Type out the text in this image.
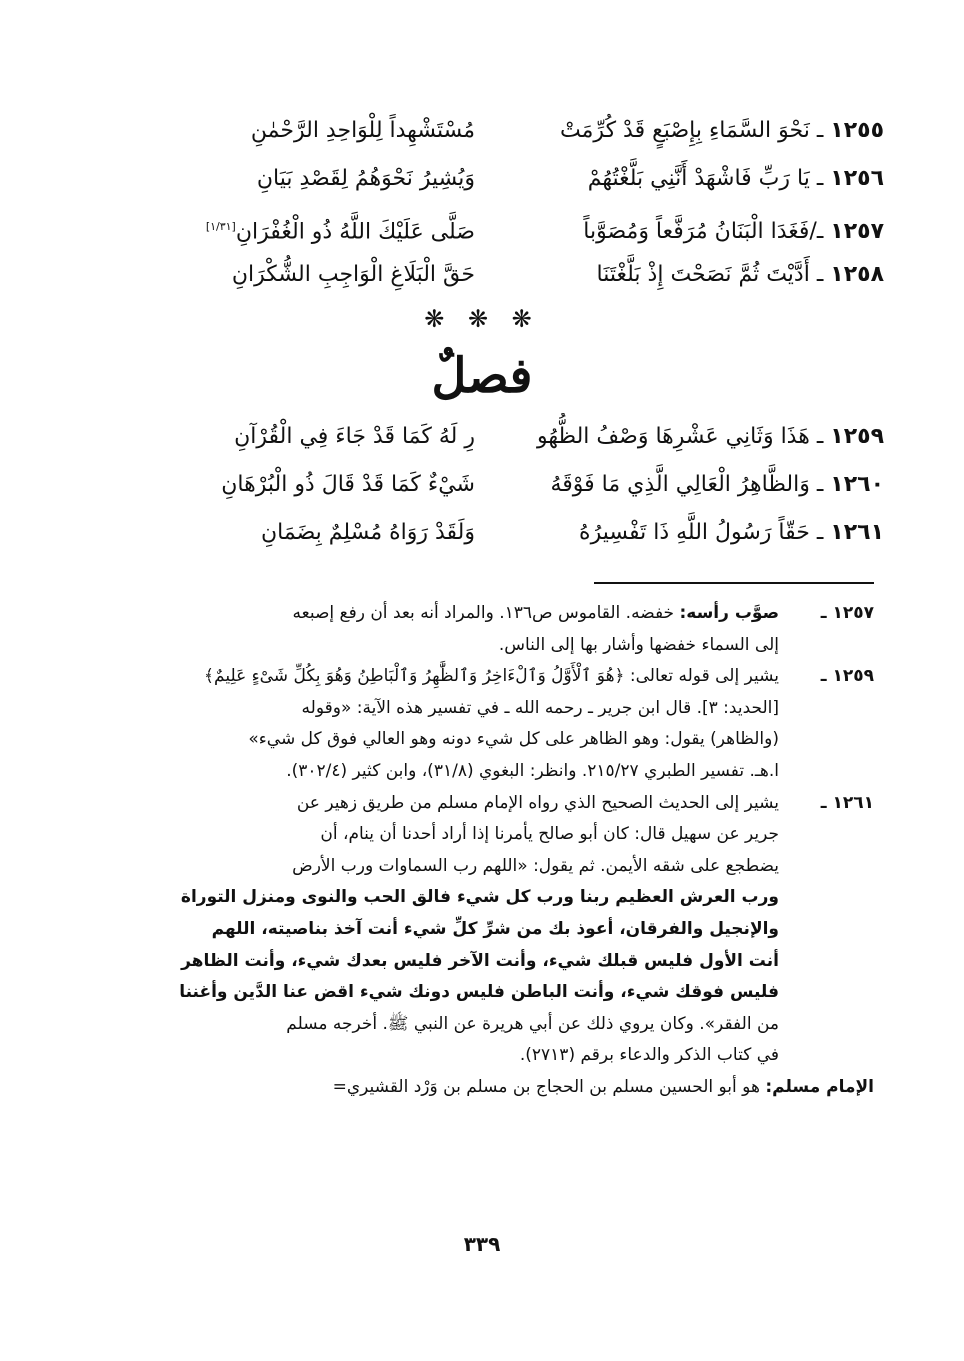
١٢٥٥ ـ نَحْوَ السَّمَاءِ بِإِصْبَعٍ قَدْ كُرِّمَتْ
مُسْتَشْهِداً لِلْوَاحِدِ الرَّحْمٰنِ
١٢٥٦ ـ يَا رَبِّ فَاشْهَدْ أَنَّنِي بَلَّغْتُهُمْ
وَيُشِيرُ نَحْوَهُمُ لِقَصْدِ بَيَانِ
١٢٥٧ ـ/فَغَدَا الْبَنَانُ مُرَفَّعاً وَمُصَوَّباً
صَلَّى عَلَيْكَ اللَّهُ ذُو الْغُفْرَانِ[١/٣١]
١٢٥٨ ـ أَدَّيْتَ ثُمَّ نَصَحْتَ إِذْ بَلَّغْتَنَا
حَقَّ الْبَلَاغِ الْوَاجِبِ الشُّكْرَانِ
❋ ❋ ❋
فصلٌ
١٢٥٩ ـ هَذَا وَثَانِي عَشْرِهَا وَصْفُ الظُّهُو
رِ لَهُ كَمَا قَدْ جَاءَ فِي الْقُرْآنِ
١٢٦٠ ـ وَالظَّاهِرُ الْعَالِي الَّذِي مَا فَوْقَهُ
شَيْءٌ كَمَا قَدْ قَالَ ذُو الْبُرْهَانِ
١٢٦١ ـ حَقّاً رَسُولُ اللَّهِ ذَا تَفْسِيرُهُ
وَلَقَدْ رَوَاهُ مُسْلِمٌ بِضَمَانِ
١٢٥٧ ـ
صوَّب رأسه: خفضه. القاموس ص١٣٦. والمراد أنه بعد أن رفع إصبعه
إلى السماء خفضها وأشار بها إلى الناس.
١٢٥٩ ـ
يشير إلى قوله تعالى: ﴿هُوَ ٱلْأَوَّلُ وَٱلْءَاخِرُ وَٱلظَّٰهِرُ وَٱلْبَاطِنُ وَهُوَ بِكُلِّ شَىْءٍ عَلِيمٌ﴾
[الحديد: ٣]. قال ابن جرير ـ رحمه الله ـ في تفسير هذه الآية: «وقوله
(والظاهر) يقول: وهو الظاهر على كل شيء دونه وهو العالي فوق كل شيء»
ا.هـ. تفسير الطبري ٢١٥/٢٧. وانظر: البغوي (٣١/٨)، وابن كثير (٣٠٢/٤).
١٢٦١ ـ
يشير إلى الحديث الصحيح الذي رواه الإمام مسلم من طريق زهير عن
جرير عن سهيل قال: كان أبو صالح يأمرنا إذا أراد أحدنا أن ينام، أن
يضطجع على شقه الأيمن. ثم يقول: «اللهم رب السماوات ورب الأرض
ورب العرش العظيم ربنا ورب كل شيء فالق الحب والنوى ومنزل التوراة
والإنجيل والفرقان، أعوذ بك من شرِّ كلِّ شيء أنت آخذ بناصيته، اللهم
أنت الأول فليس قبلك شيء، وأنت الآخر فليس بعدك شيء، وأنت الظاهر
فليس فوقك شيء، وأنت الباطن فليس دونك شيء اقض عنا الدَّين وأغننا
من الفقر». وكان يروي ذلك عن أبي هريرة عن النبي ﷺ. أخرجه مسلم
في كتاب الذكر والدعاء برقم (٢٧١٣).
الإمام مسلم: هو أبو الحسين مسلم بن الحجاج بن مسلم بن وَرْد القشيري=
٣٣٩
